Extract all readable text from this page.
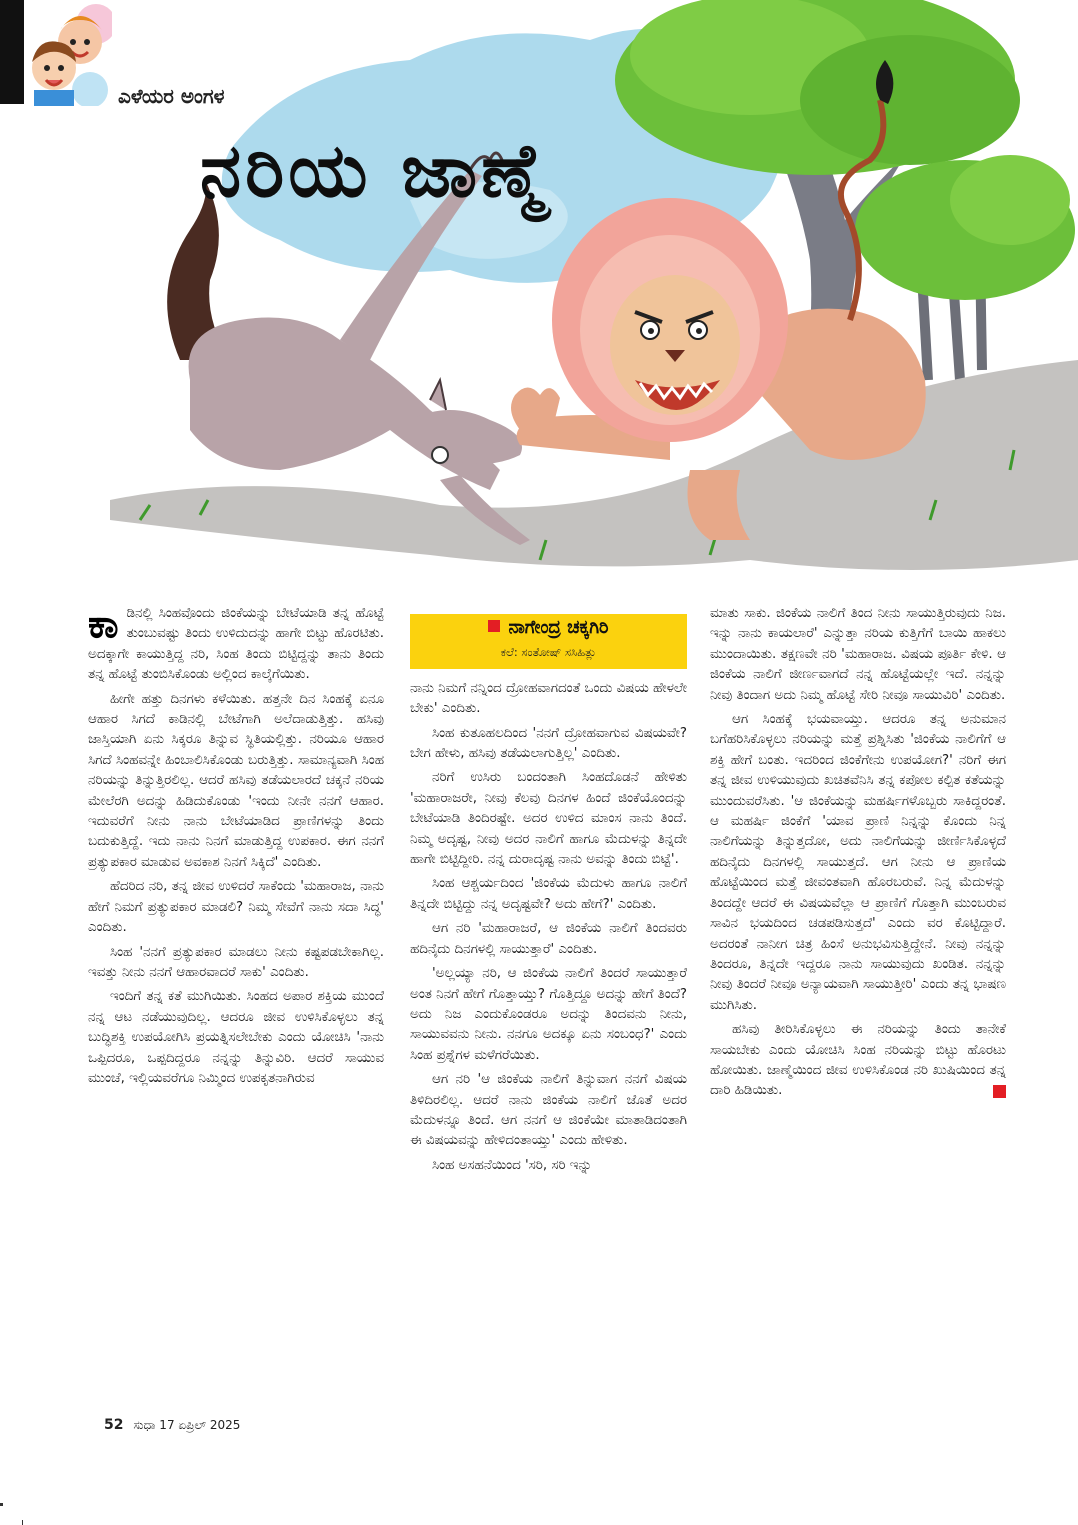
ಎಳೆಯರ ಅಂಗಳ
ನರಿಯ ಜಾಣ್ಮೆ

ಕಾಡಿನಲ್ಲಿ ಸಿಂಹವೊಂದು ಜಿಂಕೆಯನ್ನು ಬೇಟೆಯಾಡಿ ತನ್ನ ಹೊಟ್ಟೆ ತುಂಬುವಷ್ಟು ತಿಂದು ಉಳಿದುದನ್ನು ಹಾಗೇ ಬಿಟ್ಟು ಹೊರಟಿತು. ಅದಕ್ಕಾಗೇ ಕಾಯುತ್ತಿದ್ದ ನರಿ, ಸಿಂಹ ತಿಂದು ಬಿಟ್ಟಿದ್ದನ್ನು ತಾನು ತಿಂದು ತನ್ನ ಹೊಟ್ಟೆ ತುಂಬಿಸಿಕೊಂಡು ಅಲ್ಲಿಂದ ಕಾಲ್ಕೆಗೆಯಿತು.

ಹೀಗೇ ಹತ್ತು ದಿನಗಳು ಕಳೆಯಿತು. ಹತ್ತನೇ ದಿನ ಸಿಂಹಕ್ಕೆ ಏನೂ ಆಹಾರ ಸಿಗದೆ ಕಾಡಿನಲ್ಲಿ ಬೇಟೆಗಾಗಿ ಅಲೆದಾಡುತ್ತಿತ್ತು. ಹಸಿವು ಜಾಸ್ತಿಯಾಗಿ ಏನು ಸಿಕ್ಕರೂ ತಿನ್ನುವ ಸ್ಥಿತಿಯಲ್ಲಿತ್ತು. ನರಿಯೂ ಆಹಾರ ಸಿಗದೆ ಸಿಂಹವನ್ನೇ ಹಿಂಬಾಲಿಸಿಕೊಂಡು ಬರುತ್ತಿತ್ತು. ಸಾಮಾನ್ಯವಾಗಿ ಸಿಂಹ ನರಿಯನ್ನು ತಿನ್ನುತ್ತಿರಲಿಲ್ಲ. ಆದರೆ ಹಸಿವು ತಡೆಯಲಾರದೆ ಚಕ್ಕನೆ ನರಿಯ ಮೇಲೆರಗಿ ಅದನ್ನು ಹಿಡಿದುಕೊಂಡು 'ಇಂದು ನೀನೇ ನನಗೆ ಆಹಾರ. ಇದುವರೆಗೆ ನೀನು ನಾನು ಬೇಟೆಯಾಡಿದ ಪ್ರಾಣಿಗಳನ್ನು ತಿಂದು ಬದುಕುತ್ತಿದ್ದೆ. ಇದು ನಾನು ನಿನಗೆ ಮಾಡುತ್ತಿದ್ದ ಉಪಕಾರ. ಈಗ ನನಗೆ ಪ್ರತ್ಯುಪಕಾರ ಮಾಡುವ ಅವಕಾಶ ನಿನಗೆ ಸಿಕ್ಕಿದೆ' ಎಂದಿತು.

ಹೆದರಿದ ನರಿ, ತನ್ನ ಜೀವ ಉಳಿದರೆ ಸಾಕೆಂದು 'ಮಹಾರಾಜ, ನಾನು ಹೇಗೆ ನಿಮಗೆ ಪ್ರತ್ಯುಪಕಾರ ಮಾಡಲಿ? ನಿಮ್ಮ ಸೇವೆಗೆ ನಾನು ಸದಾ ಸಿದ್ಧ' ಎಂದಿತು.

ಸಿಂಹ 'ನನಗೆ ಪ್ರತ್ಯುಪಕಾರ ಮಾಡಲು ನೀನು ಕಷ್ಟಪಡಬೇಕಾಗಿಲ್ಲ. ಇವತ್ತು ನೀನು ನನಗೆ ಆಹಾರವಾದರೆ ಸಾಕು' ಎಂದಿತು.

ಇಂದಿಗೆ ತನ್ನ ಕತೆ ಮುಗಿಯಿತು. ಸಿಂಹದ ಅಪಾರ ಶಕ್ತಿಯ ಮುಂದೆ ನನ್ನ ಆಟ ನಡೆಯುವುದಿಲ್ಲ. ಆದರೂ ಜೀವ ಉಳಿಸಿಕೊಳ್ಳಲು ತನ್ನ ಬುದ್ಧಿಶಕ್ತಿ ಉಪಯೋಗಿಸಿ ಪ್ರಯತ್ನಿಸಲೇಬೇಕು ಎಂದು ಯೋಚಿಸಿ 'ನಾನು ಒಪ್ಪಿದರೂ, ಒಪ್ಪದಿದ್ದರೂ ನನ್ನನ್ನು ತಿನ್ನುವಿರಿ. ಆದರೆ ಸಾಯುವ ಮುಂಚೆ, ಇಲ್ಲಿಯವರೆಗೂ ನಿಮ್ಮಿಂದ ಉಪಕೃತನಾಗಿರುವ

ನಾಗೇಂದ್ರ ಚಕ್ಕಗಿರಿ
ಕಲೆ: ಸಂತೋಷ್ ಸಸಿಹಿತ್ಲು

ನಾನು ನಿಮಗೆ ನನ್ನಿಂದ ದ್ರೋಹವಾಗದಂತೆ ಒಂದು ವಿಷಯ ಹೇಳಲೇ ಬೇಕು' ಎಂದಿತು.

ಸಿಂಹ ಕುತೂಹಲದಿಂದ 'ನನಗೆ ದ್ರೋಹವಾಗುವ ವಿಷಯವೇ? ಬೇಗ ಹೇಳು, ಹಸಿವು ತಡೆಯಲಾಗುತ್ತಿಲ್ಲ' ಎಂದಿತು.

ನರಿಗೆ ಉಸಿರು ಬಂದಂತಾಗಿ ಸಿಂಹದೊಡನೆ ಹೇಳಿತು 'ಮಹಾರಾಜರೇ, ನೀವು ಕೆಲವು ದಿನಗಳ ಹಿಂದೆ ಜಿಂಕೆಯೊಂದನ್ನು ಬೇಟೆಯಾಡಿ ತಿಂದಿರಷ್ಟೇ. ಅದರ ಉಳಿದ ಮಾಂಸ ನಾನು ತಿಂದೆ. ನಿಮ್ಮ ಅದೃಷ್ಟ, ನೀವು ಅದರ ನಾಲಿಗೆ ಹಾಗೂ ಮೆದುಳನ್ನು ತಿನ್ನದೇ ಹಾಗೇ ಬಿಟ್ಟಿದ್ದೀರಿ. ನನ್ನ ದುರಾದೃಷ್ಟ ನಾನು ಅವನ್ನು ತಿಂದು ಬಿಟ್ಟೆ'.

ಸಿಂಹ ಆಶ್ಚರ್ಯದಿಂದ 'ಜಿಂಕೆಯ ಮೆದುಳು ಹಾಗೂ ನಾಲಿಗೆ ತಿನ್ನದೇ ಬಿಟ್ಟಿದ್ದು ನನ್ನ ಅದೃಷ್ಟವೇ? ಅದು ಹೇಗೆ?' ಎಂದಿತು.

ಆಗ ನರಿ 'ಮಹಾರಾಜರೆ, ಆ ಜಿಂಕೆಯ ನಾಲಿಗೆ ತಿಂದವರು ಹದಿನೈದು ದಿನಗಳಲ್ಲಿ ಸಾಯುತ್ತಾರೆ' ಎಂದಿತು.

'ಅಲ್ಲಯ್ಯಾ ನರಿ, ಆ ಜಿಂಕೆಯ ನಾಲಿಗೆ ತಿಂದರೆ ಸಾಯುತ್ತಾರೆ ಅಂತ ನಿನಗೆ ಹೇಗೆ ಗೊತ್ತಾಯ್ತು? ಗೊತ್ತಿದ್ದೂ ಅದನ್ನು ಹೇಗೆ ತಿಂದೆ? ಅದು ನಿಜ ಎಂದುಕೊಂಡರೂ ಅದನ್ನು ತಿಂದವನು ನೀನು, ಸಾಯುವವನು ನೀನು. ನನಗೂ ಅದಕ್ಕೂ ಏನು ಸಂಬಂಧ?' ಎಂದು ಸಿಂಹ ಪ್ರಶ್ನೆಗಳ ಮಳೆಗರೆಯಿತು.

ಆಗ ನರಿ 'ಆ ಜಿಂಕೆಯ ನಾಲಿಗೆ ತಿನ್ನುವಾಗ ನನಗೆ ವಿಷಯ ತಿಳಿದಿರಲಿಲ್ಲ. ಆದರೆ ನಾನು ಜಿಂಕೆಯ ನಾಲಿಗೆ ಜೊತೆ ಅದರ ಮೆದುಳನ್ನೂ ತಿಂದೆ. ಆಗ ನನಗೆ ಆ ಜಿಂಕೆಯೇ ಮಾತಾಡಿದಂತಾಗಿ ಈ ವಿಷಯವನ್ನು ಹೇಳಿದಂತಾಯ್ತು' ಎಂದು ಹೇಳಿತು.

ಸಿಂಹ ಅಸಹನೆಯಿಂದ 'ಸರಿ, ಸರಿ ಇನ್ನು

ಮಾತು ಸಾಕು. ಜಿಂಕೆಯ ನಾಲಿಗೆ ತಿಂದ ನೀನು ಸಾಯುತ್ತಿರುವುದು ನಿಜ. ಇನ್ನು ನಾನು ಕಾಯಲಾರೆ' ಎನ್ನುತ್ತಾ ನರಿಯ ಕುತ್ತಿಗೆಗೆ ಬಾಯಿ ಹಾಕಲು ಮುಂದಾಯಿತು. ತಕ್ಷಣವೇ ನರಿ 'ಮಹಾರಾಜ. ವಿಷಯ ಪೂರ್ತಿ ಕೇಳಿ. ಆ ಜಿಂಕೆಯ ನಾಲಿಗೆ ಜೀರ್ಣವಾಗದೆ ನನ್ನ ಹೊಟ್ಟೆಯಲ್ಲೇ ಇದೆ. ನನ್ನನ್ನು ನೀವು ತಿಂದಾಗ ಅದು ನಿಮ್ಮ ಹೊಟ್ಟೆ ಸೇರಿ ನೀವೂ ಸಾಯುವಿರಿ' ಎಂದಿತು.

ಆಗ ಸಿಂಹಕ್ಕೆ ಭಯವಾಯ್ತು. ಆದರೂ ತನ್ನ ಅನುಮಾನ ಬಗೆಹರಿಸಿಕೊಳ್ಳಲು ನರಿಯನ್ನು ಮತ್ತೆ ಪ್ರಶ್ನಿಸಿತು 'ಜಿಂಕೆಯ ನಾಲಿಗೆಗೆ ಆ ಶಕ್ತಿ ಹೇಗೆ ಬಂತು. ಇದರಿಂದ ಜಿಂಕೆಗೇನು ಉಪಯೋಗ?' ನರಿಗೆ ಈಗ ತನ್ನ ಜೀವ ಉಳಿಯುವುದು ಖಚಿತವೆನಿಸಿ ತನ್ನ ಕಪೋಲ ಕಲ್ಪಿತ ಕತೆಯನ್ನು ಮುಂದುವರೆಸಿತು. 'ಆ ಜಿಂಕೆಯನ್ನು ಮಹರ್ಷಿಗಳೊಬ್ಬರು ಸಾಕಿದ್ದರಂತೆ. ಆ ಮಹರ್ಷಿ ಜಿಂಕೆಗೆ 'ಯಾವ ಪ್ರಾಣಿ ನಿನ್ನನ್ನು ಕೊಂದು ನಿನ್ನ ನಾಲಿಗೆಯನ್ನು ತಿನ್ನುತ್ತದೋ, ಅದು ನಾಲಿಗೆಯನ್ನು ಜೀರ್ಣಿಸಿಕೊಳ್ಳದೆ ಹದಿನೈದು ದಿನಗಳಲ್ಲಿ ಸಾಯುತ್ತದೆ. ಆಗ ನೀನು ಆ ಪ್ರಾಣಿಯ ಹೊಟ್ಟೆಯಿಂದ ಮತ್ತೆ ಜೀವಂತವಾಗಿ ಹೊರಬರುವೆ. ನಿನ್ನ ಮೆದುಳನ್ನು ತಿಂದದ್ದೇ ಆದರೆ ಈ ವಿಷಯವೆಲ್ಲಾ ಆ ಪ್ರಾಣಿಗೆ ಗೊತ್ತಾಗಿ ಮುಂಬರುವ ಸಾವಿನ ಭಯದಿಂದ ಚಡಪಡಿಸುತ್ತದೆ' ಎಂದು ವರ ಕೊಟ್ಟಿದ್ದಾರೆ. ಅದರಂತೆ ನಾನೀಗ ಚಿತ್ರ ಹಿಂಸೆ ಅನುಭವಿಸುತ್ತಿದ್ದೇನೆ. ನೀವು ನನ್ನನ್ನು ತಿಂದರೂ, ತಿನ್ನದೇ ಇದ್ದರೂ ನಾನು ಸಾಯುವುದು ಖಂಡಿತ. ನನ್ನನ್ನು ನೀವು ತಿಂದರೆ ನೀವೂ ಅನ್ಯಾಯವಾಗಿ ಸಾಯುತ್ತೀರಿ' ಎಂದು ತನ್ನ ಭಾಷಣ ಮುಗಿಸಿತು.

ಹಸಿವು ತೀರಿಸಿಕೊಳ್ಳಲು ಈ ನರಿಯನ್ನು ತಿಂದು ತಾನೇಕೆ ಸಾಯಬೇಕು ಎಂದು ಯೋಚಿಸಿ ಸಿಂಹ ನರಿಯನ್ನು ಬಿಟ್ಟು ಹೊರಟು ಹೋಯಿತು. ಜಾಣ್ಮೆಯಿಂದ ಜೀವ ಉಳಿಸಿಕೊಂಡ ನರಿ ಖುಷಿಯಿಂದ ತನ್ನ ದಾರಿ ಹಿಡಿಯಿತು.

52 ಸುಧಾ 17 ಏಪ್ರಿಲ್ 2025
